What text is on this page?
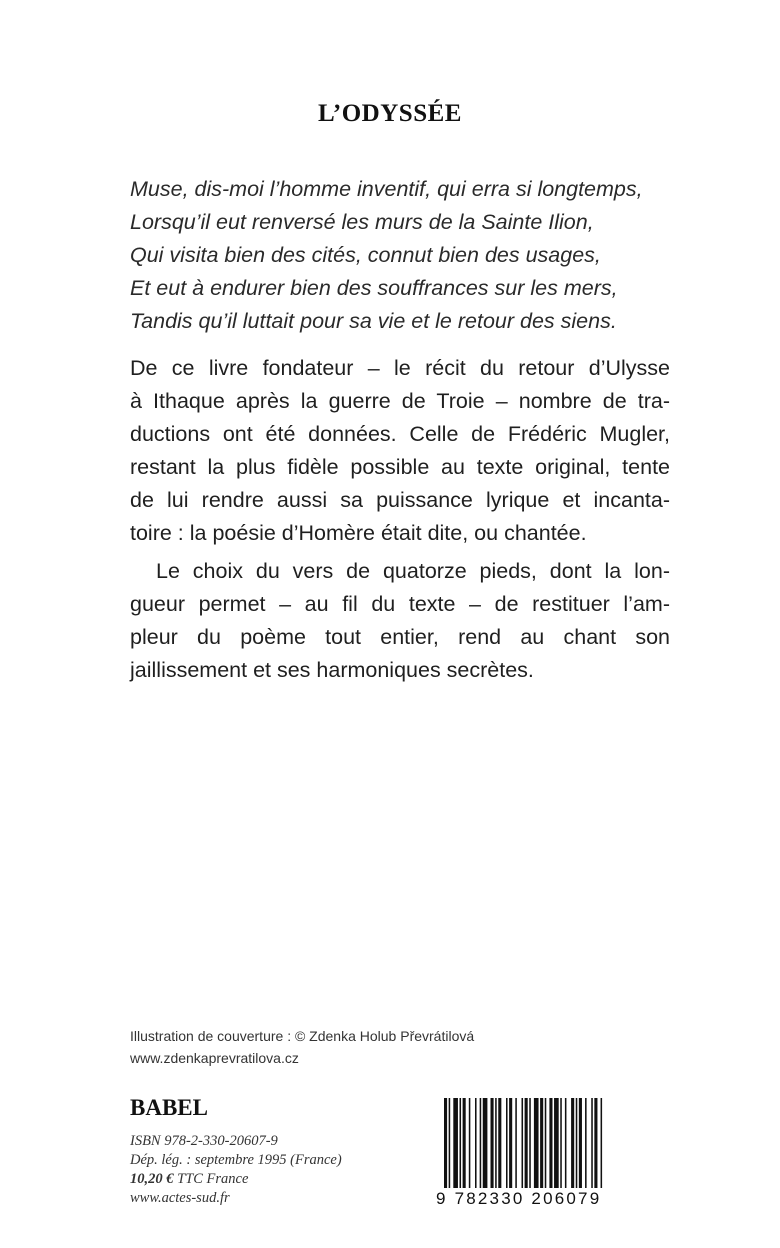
L’ODYSSÉE
Muse, dis-moi l’homme inventif, qui erra si longtemps,
Lorsqu’il eut renversé les murs de la Sainte Ilion,
Qui visita bien des cités, connut bien des usages,
Et eut à endurer bien des souffrances sur les mers,
Tandis qu’il luttait pour sa vie et le retour des siens.
De ce livre fondateur – le récit du retour d’Ulysse
à Ithaque après la guerre de Troie – nombre de tra-
ductions ont été données. Celle de Frédéric Mugler,
restant la plus fidèle possible au texte original, tente
de lui rendre aussi sa puissance lyrique et incanta-
toire : la poésie d’Homère était dite, ou chantée.
Le choix du vers de quatorze pieds, dont la lon-
gueur permet – au fil du texte – de restituer l’am-
pleur du poème tout entier, rend au chant son
jaillissement et ses harmoniques secrètes.
Illustration de couverture : © Zdenka Holub Převrátilová
www.zdenkaprevratilova.cz
BABEL
ISBN 978-2-330-20607-9
Dép. lég. : septembre 1995 (France)
10,20 € TTC France
www.actes-sud.fr	9 782330 206079
